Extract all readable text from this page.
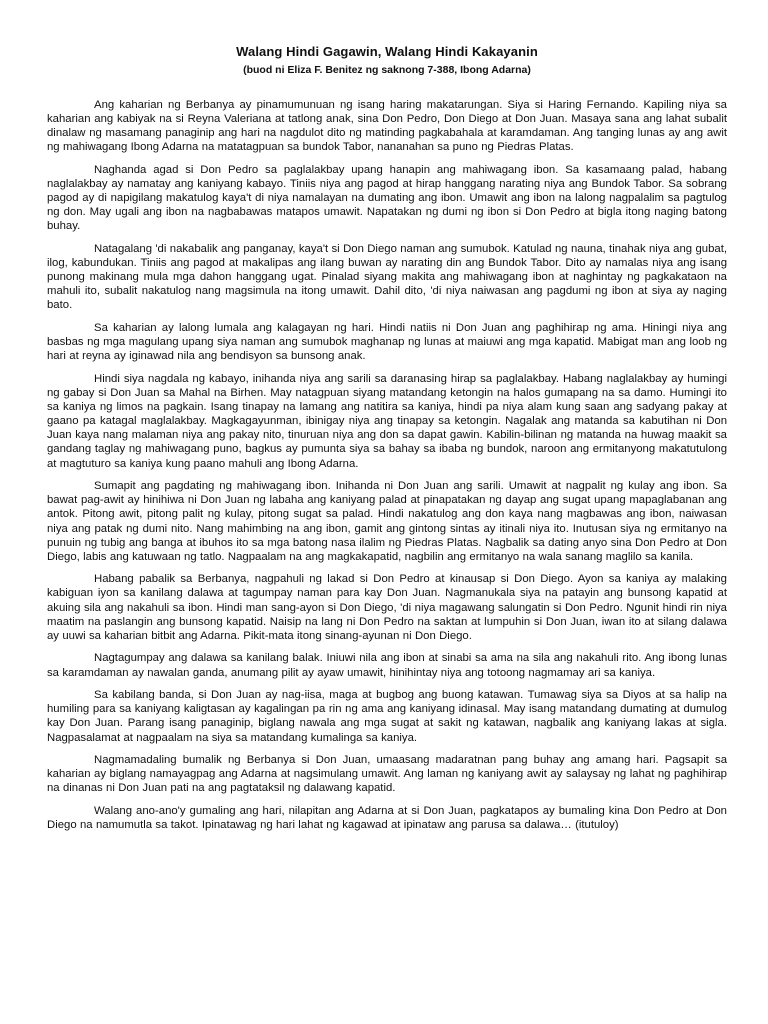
Walang Hindi Gagawin, Walang Hindi Kakayanin

(buod ni Eliza F. Benitez ng saknong 7-388, Ibong Adarna)

Ang kaharian ng Berbanya ay pinamumunuan ng isang haring makatarungan. Siya si Haring Fernando. Kapiling niya sa kaharian ang kabiyak na si Reyna Valeriana at tatlong anak, sina Don Pedro, Don Diego at Don Juan. Masaya sana ang lahat subalit dinalaw ng masamang panaginip ang hari na nagdulot dito ng matinding pagkabahala at karamdaman. Ang tanging lunas ay ang awit ng mahiwagang Ibong Adarna na matatagpuan sa bundok Tabor, nananahan sa puno ng Piedras Platas.

Naghanda agad si Don Pedro sa paglalakbay upang hanapin ang mahiwagang ibon. Sa kasamaang palad, habang naglalakbay ay namatay ang kaniyang kabayo. Tiniis niya ang pagod at hirap hanggang narating niya ang Bundok Tabor. Sa sobrang pagod ay di napigilang makatulog kaya't di niya namalayan na dumating ang ibon. Umawit ang ibon na lalong nagpalalim sa pagtulog ng don. May ugali ang ibon na nagbabawas matapos umawit. Napatakan ng dumi ng ibon si Don Pedro at bigla itong naging batong buhay.

Natagalang 'di nakabalik ang panganay, kaya't si Don Diego naman ang sumubok. Katulad ng nauna, tinahak niya ang gubat, ilog, kabundukan. Tiniis ang pagod at makalipas ang ilang buwan ay narating din ang Bundok Tabor. Dito ay namalas niya ang isang punong makinang mula mga dahon hanggang ugat. Pinalad siyang makita ang mahiwagang ibon at naghintay ng pagkakataon na mahuli ito, subalit nakatulog nang magsimula na itong umawit. Dahil dito, 'di niya naiwasan ang pagdumi ng ibon at siya ay naging bato.

Sa kaharian ay lalong lumala ang kalagayan ng hari. Hindi natiis ni Don Juan ang paghihirap ng ama. Hiningi niya ang basbas ng mga magulang upang siya naman ang sumubok maghanap ng lunas at maiuwi ang mga kapatid. Mabigat man ang loob ng hari at reyna ay iginawad nila ang bendisyon sa bunsong anak.

Hindi siya nagdala ng kabayo, inihanda niya ang sarili sa daranasing hirap sa paglalakbay. Habang naglalakbay ay humingi ng gabay si Don Juan sa Mahal na Birhen. May natagpuan siyang matandang ketongin na halos gumapang na sa damo. Humingi ito sa kaniya ng limos na pagkain. Isang tinapay na lamang ang natitira sa kaniya, hindi pa niya alam kung saan ang sadyang pakay at gaano pa katagal maglalakbay. Magkagayunman, ibinigay niya ang tinapay sa ketongin. Nagalak ang matanda sa kabutihan ni Don Juan kaya nang malaman niya ang pakay nito, tinuruan niya ang don sa dapat gawin. Kabilin-bilinan ng matanda na huwag maakit sa gandang taglay ng mahiwagang puno, bagkus ay pumunta siya sa bahay sa ibaba ng bundok, naroon ang ermitanyong makatutulong at magtuturo sa kaniya kung paano mahuli ang Ibong Adarna.

Sumapit ang pagdating ng mahiwagang ibon. Inihanda ni Don Juan ang sarili. Umawit at nagpalit ng kulay ang ibon. Sa bawat pag-awit ay hinihiwa ni Don Juan ng labaha ang kaniyang palad at pinapatakan ng dayap ang sugat upang mapaglabanan ang antok. Pitong awit, pitong palit ng kulay, pitong sugat sa palad. Hindi nakatulog ang don kaya nang magbawas ang ibon, naiwasan niya ang patak ng dumi nito. Nang mahimbing na ang ibon, gamit ang gintong sintas ay itinali niya ito. Inutusan siya ng ermitanyo na punuin ng tubig ang banga at ibuhos ito sa mga batong nasa ilalim ng Piedras Platas. Nagbalik sa dating anyo sina Don Pedro at Don Diego, labis ang katuwaan ng tatlo. Nagpaalam na ang magkakapatid, nagbilin ang ermitanyo na wala sanang maglilo sa kanila.

Habang pabalik sa Berbanya, nagpahuli ng lakad si Don Pedro at kinausap si Don Diego. Ayon sa kaniya ay malaking kabiguan iyon sa kanilang dalawa at tagumpay naman para kay Don Juan. Nagmanukala siya na patayin ang bunsong kapatid at akuing sila ang nakahuli sa ibon. Hindi man sang-ayon si Don Diego, 'di niya magawang salungatin si Don Pedro. Ngunit hindi rin niya maatim na paslangin ang bunsong kapatid. Naisip na lang ni Don Pedro na saktan at lumpuhin si Don Juan, iwan ito at silang dalawa ay uuwi sa kaharian bitbit ang Adarna. Pikit-mata itong sinang-ayunan ni Don Diego.

Nagtagumpay ang dalawa sa kanilang balak. Iniuwi nila ang ibon at sinabi sa ama na sila ang nakahuli rito. Ang ibong lunas sa karamdaman ay nawalan ganda, anumang pilit ay ayaw umawit, hinihintay niya ang totoong nagmamay ari sa kaniya.

Sa kabilang banda, si Don Juan ay nag-iisa, maga at bugbog ang buong katawan. Tumawag siya sa Diyos at sa halip na humiling para sa kaniyang kaligtasan ay kagalingan pa rin ng ama ang kaniyang idinasal. May isang matandang dumating at dumulog kay Don Juan. Parang isang panaginip, biglang nawala ang mga sugat at sakit ng katawan, nagbalik ang kaniyang lakas at sigla. Nagpasalamat at nagpaalam na siya sa matandang kumalinga sa kaniya.

Nagmamadaling bumalik ng Berbanya si Don Juan, umaasang madaratnan pang buhay ang amang hari. Pagsapit sa kaharian ay biglang namayagpag ang Adarna at nagsimulang umawit. Ang laman ng kaniyang awit ay salaysay ng lahat ng paghihirap na dinanas ni Don Juan pati na ang pagtataksil ng dalawang kapatid.

Walang ano-ano'y gumaling ang hari, nilapitan ang Adarna at si Don Juan, pagkatapos ay bumaling kina Don Pedro at Don Diego na namumutla sa takot. Ipinatawag ng hari lahat ng kagawad at ipinataw ang parusa sa dalawa… (itutuloy)
